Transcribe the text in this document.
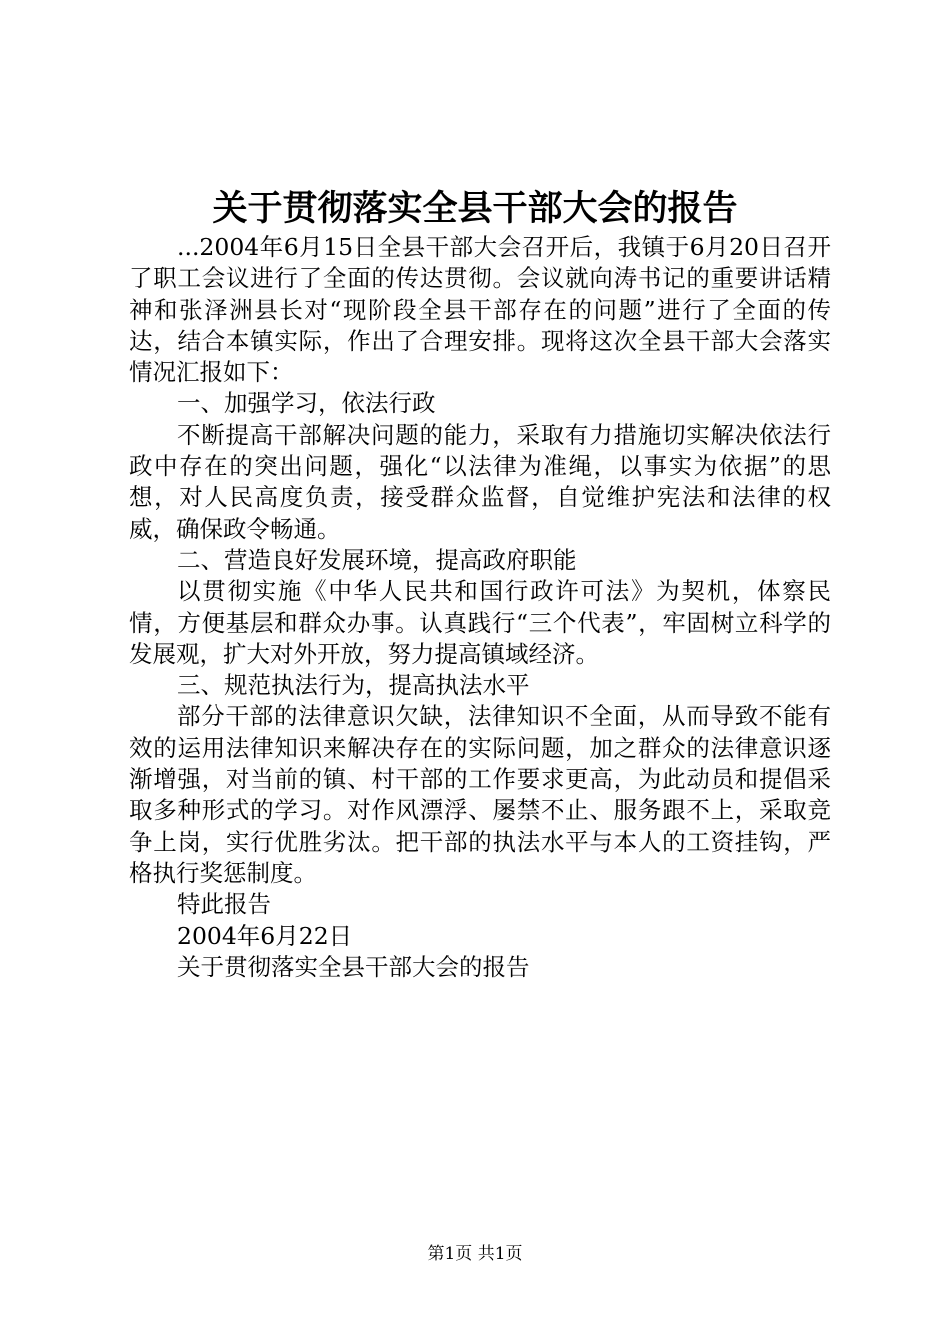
关于贯彻落实全县干部大会的报告

...2004年6月15日全县干部大会召开后，我镇于6月20日召开了职工会议进行了全面的传达贯彻。会议就向涛书记的重要讲话精神和张泽洲县长对“现阶段全县干部存在的问题”进行了全面的传达，结合本镇实际，作出了合理安排。现将这次全县干部大会落实情况汇报如下：

一、加强学习，依法行政

不断提高干部解决问题的能力，采取有力措施切实解决依法行政中存在的突出问题，强化“以法律为准绳，以事实为依据”的思想，对人民高度负责，接受群众监督，自觉维护宪法和法律的权威，确保政令畅通。

二、营造良好发展环境，提高政府职能

以贯彻实施《中华人民共和国行政许可法》为契机，体察民情，方便基层和群众办事。认真践行“三个代表”，牢固树立科学的发展观，扩大对外开放，努力提高镇域经济。

三、规范执法行为，提高执法水平

部分干部的法律意识欠缺，法律知识不全面，从而导致不能有效的运用法律知识来解决存在的实际问题，加之群众的法律意识逐渐增强，对当前的镇、村干部的工作要求更高，为此动员和提倡采取多种形式的学习。对作风漂浮、屡禁不止、服务跟不上，采取竞争上岗，实行优胜劣汰。把干部的执法水平与本人的工资挂钩，严格执行奖惩制度。

特此报告

2004年6月22日

关于贯彻落实全县干部大会的报告

第1页 共1页
